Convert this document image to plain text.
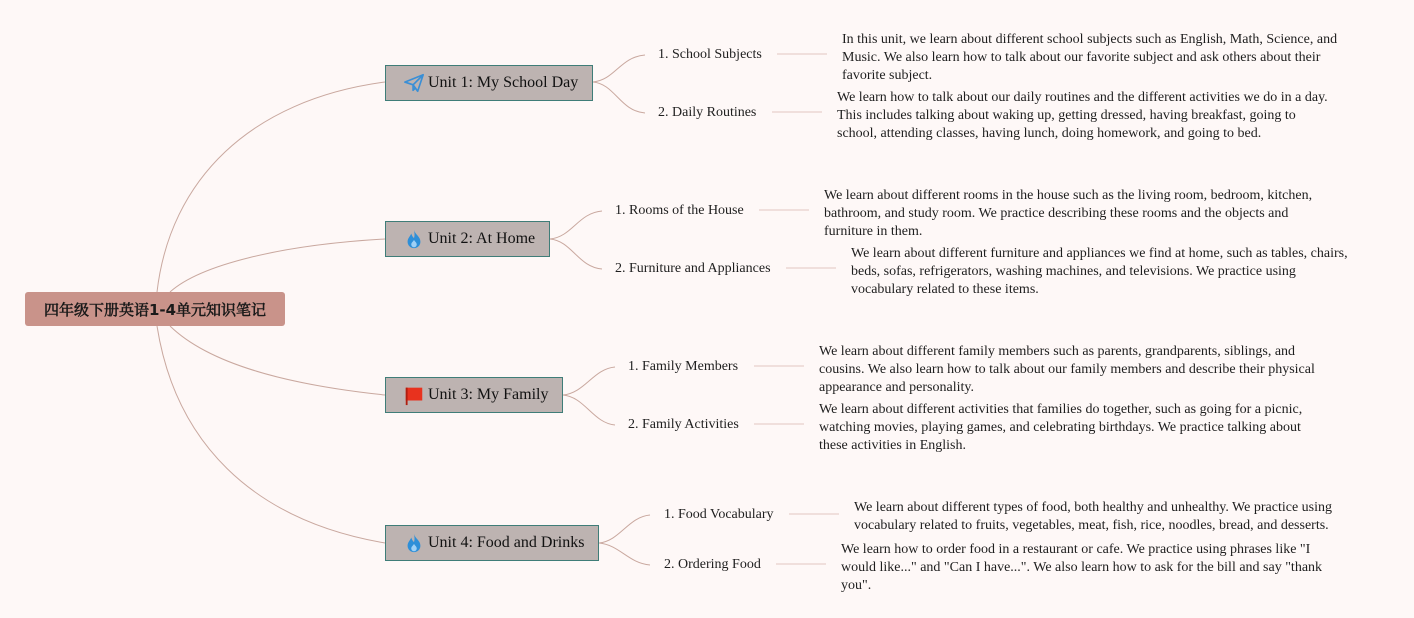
四年级下册英语1-4单元知识笔记
Unit 1: My School Day
1. School Subjects
In this unit, we learn about different school subjects such as English, Math, Science, and Music. We also learn how to talk about our favorite subject and ask others about their favorite subject.
2. Daily Routines
We learn how to talk about our daily routines and the different activities we do in a day. This includes talking about waking up, getting dressed, having breakfast, going to school, attending classes, having lunch, doing homework, and going to bed.
Unit 2: At Home
1. Rooms of the House
We learn about different rooms in the house such as the living room, bedroom, kitchen, bathroom, and study room. We practice describing these rooms and the objects and furniture in them.
2. Furniture and Appliances
We learn about different furniture and appliances we find at home, such as tables, chairs, beds, sofas, refrigerators, washing machines, and televisions. We practice using vocabulary related to these items.
Unit 3: My Family
1. Family Members
We learn about different family members such as parents, grandparents, siblings, and cousins. We also learn how to talk about our family members and describe their physical appearance and personality.
2. Family Activities
We learn about different activities that families do together, such as going for a picnic, watching movies, playing games, and celebrating birthdays. We practice talking about these activities in English.
Unit 4: Food and Drinks
1. Food Vocabulary	We learn about different types of food, both healthy and unhealthy. We practice using vocabulary related to fruits, vegetables, meat, fish, rice, noodles, bread, and desserts.
2. Ordering Food
We learn how to order food in a restaurant or cafe. We practice using phrases like "I would like..." and "Can I have...". We also learn how to ask for the bill and say "thank you".
